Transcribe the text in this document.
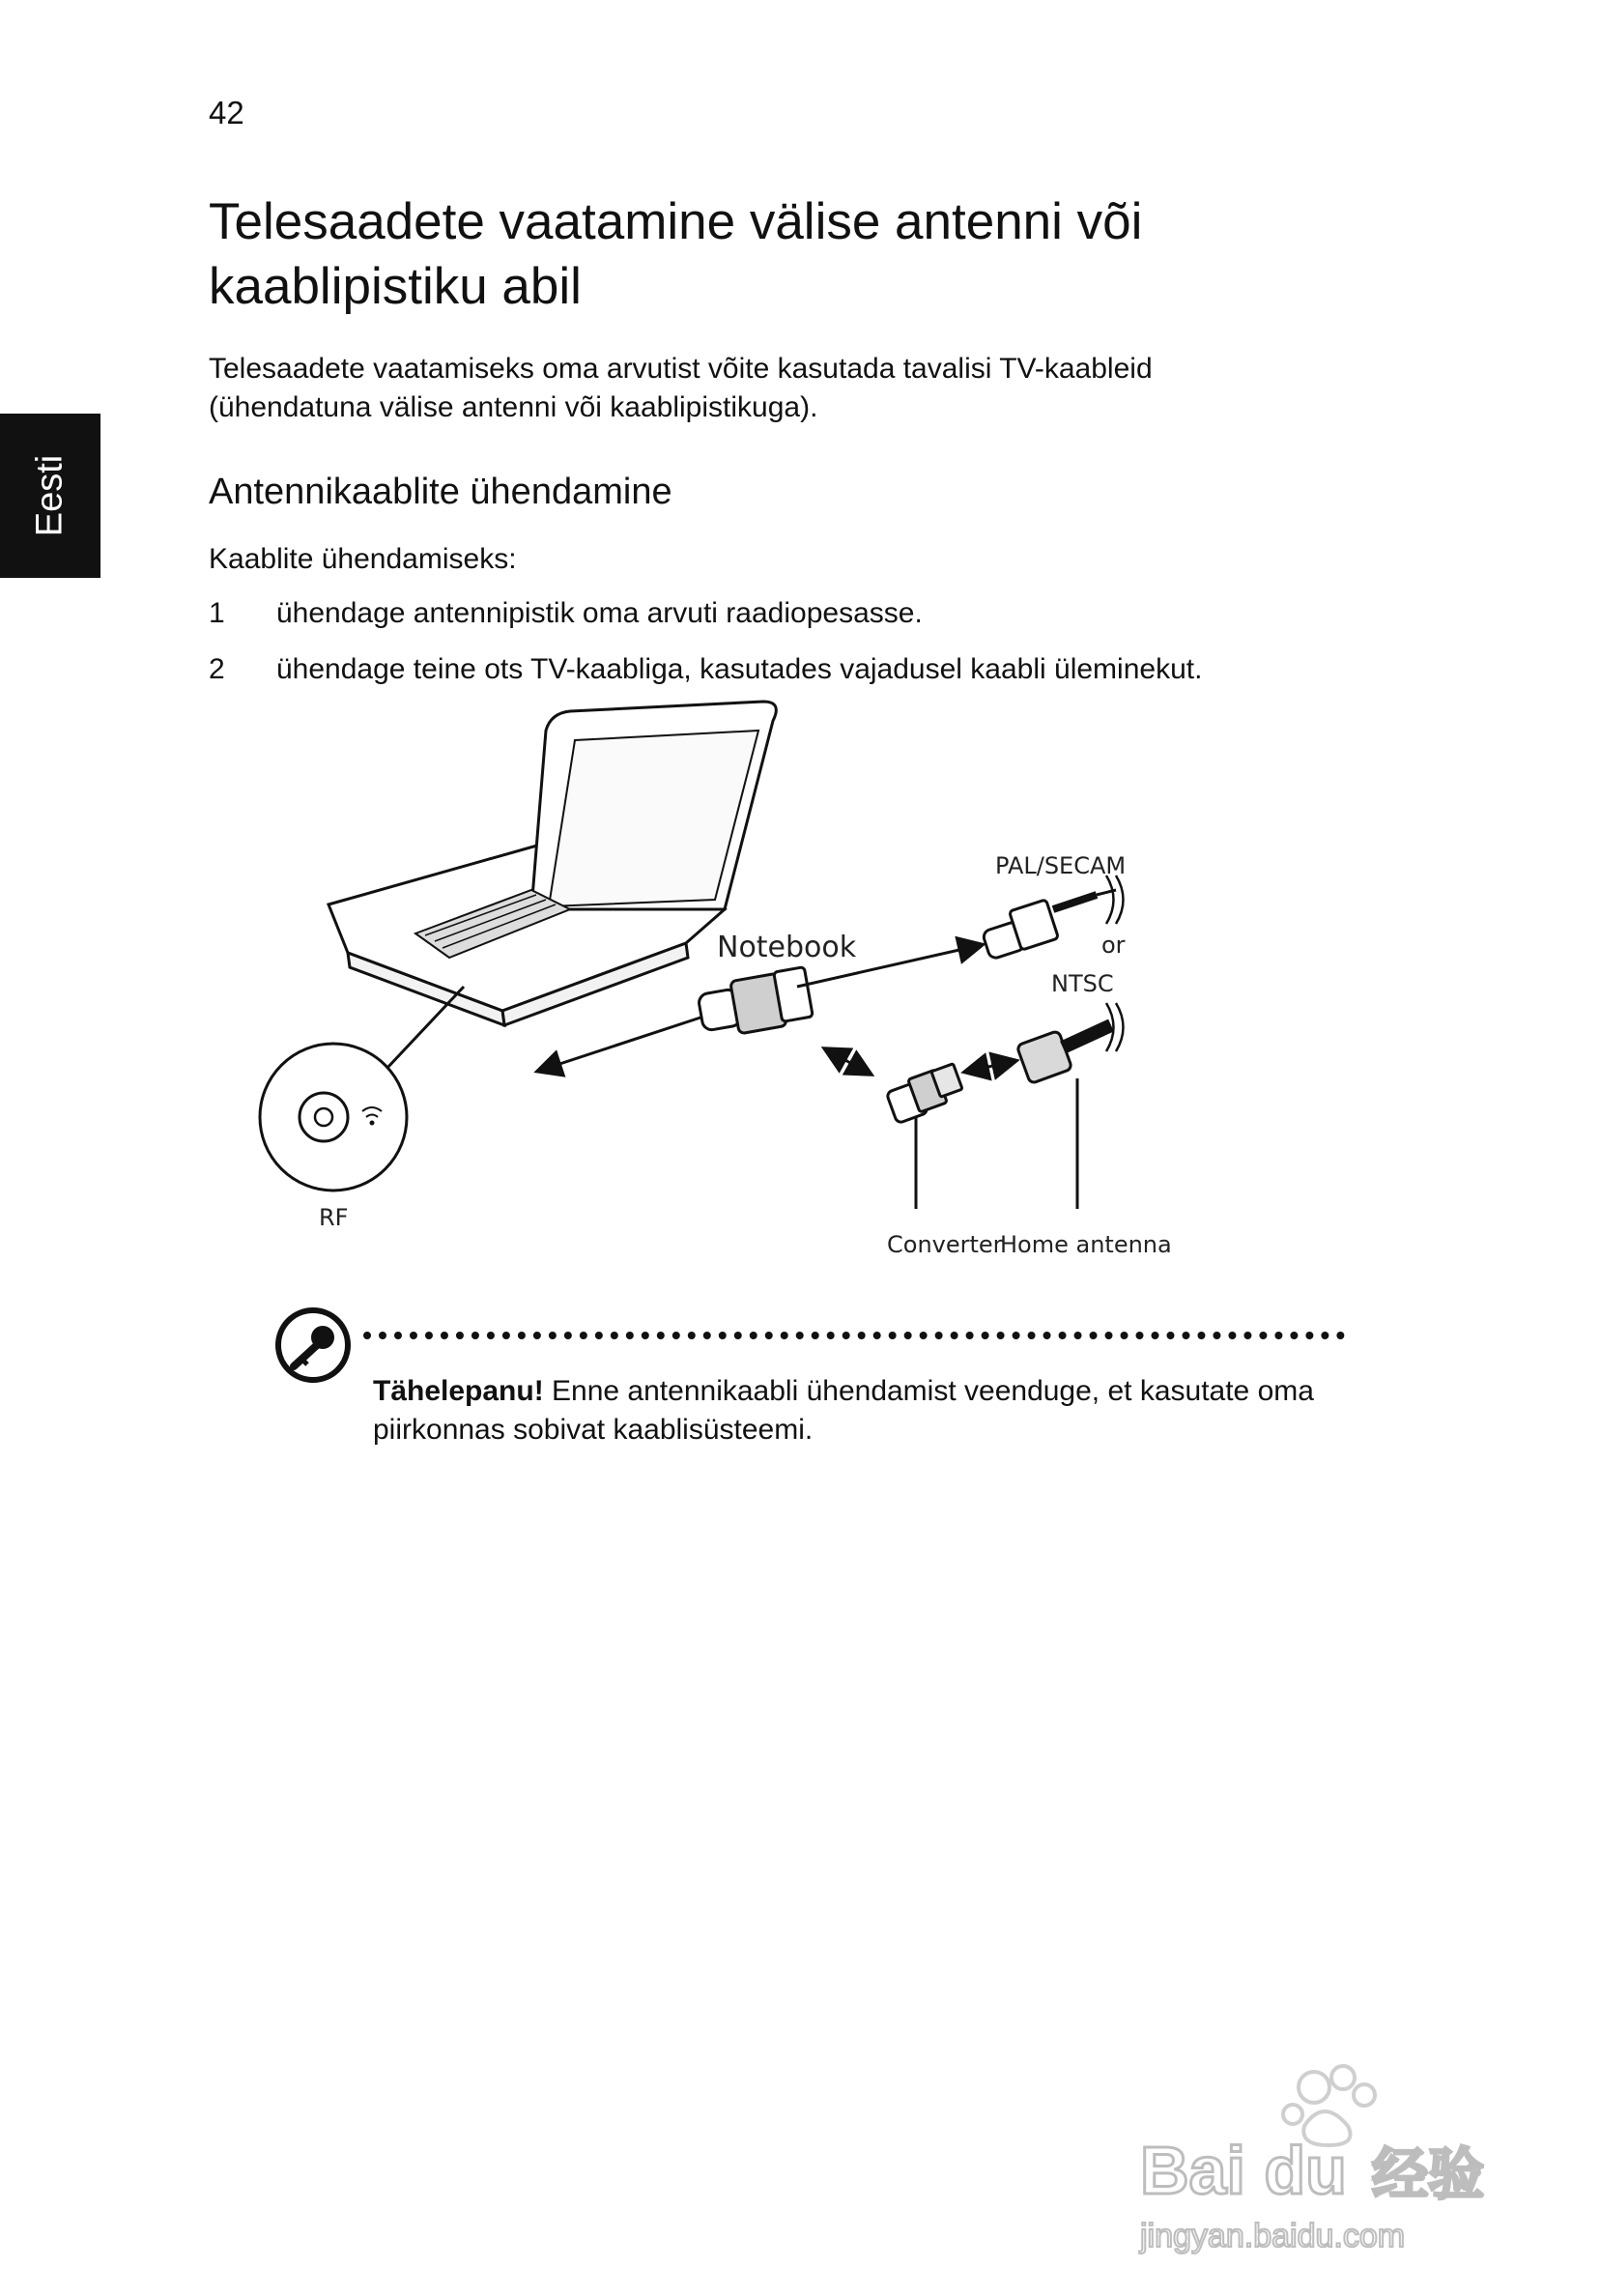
42
Eesti
Telesaadete vaatamine välise antenni või kaablipistiku abil

Telesaadete vaatamiseks oma arvutist võite kasutada tavalisi TV-kaableid (ühendatuna välise antenni või kaablipistikuga).

Antennikaablite ühendamine

Kaablite ühendamiseks:

1 ühendage antennipistik oma arvuti raadiopesasse.
2 ühendage teine ots TV-kaabliga, kasutades vajadusel kaabli üleminekut.
RF
Notebook
PAL/SECAM
or
NTSC
Converter
Home antenna

Tähelepanu! Enne antennikaabli ühendamist veenduge, et kasutate oma piirkonnas sobivat kaablisüsteemi.

Bai du 经验
jingyan.baidu.com
